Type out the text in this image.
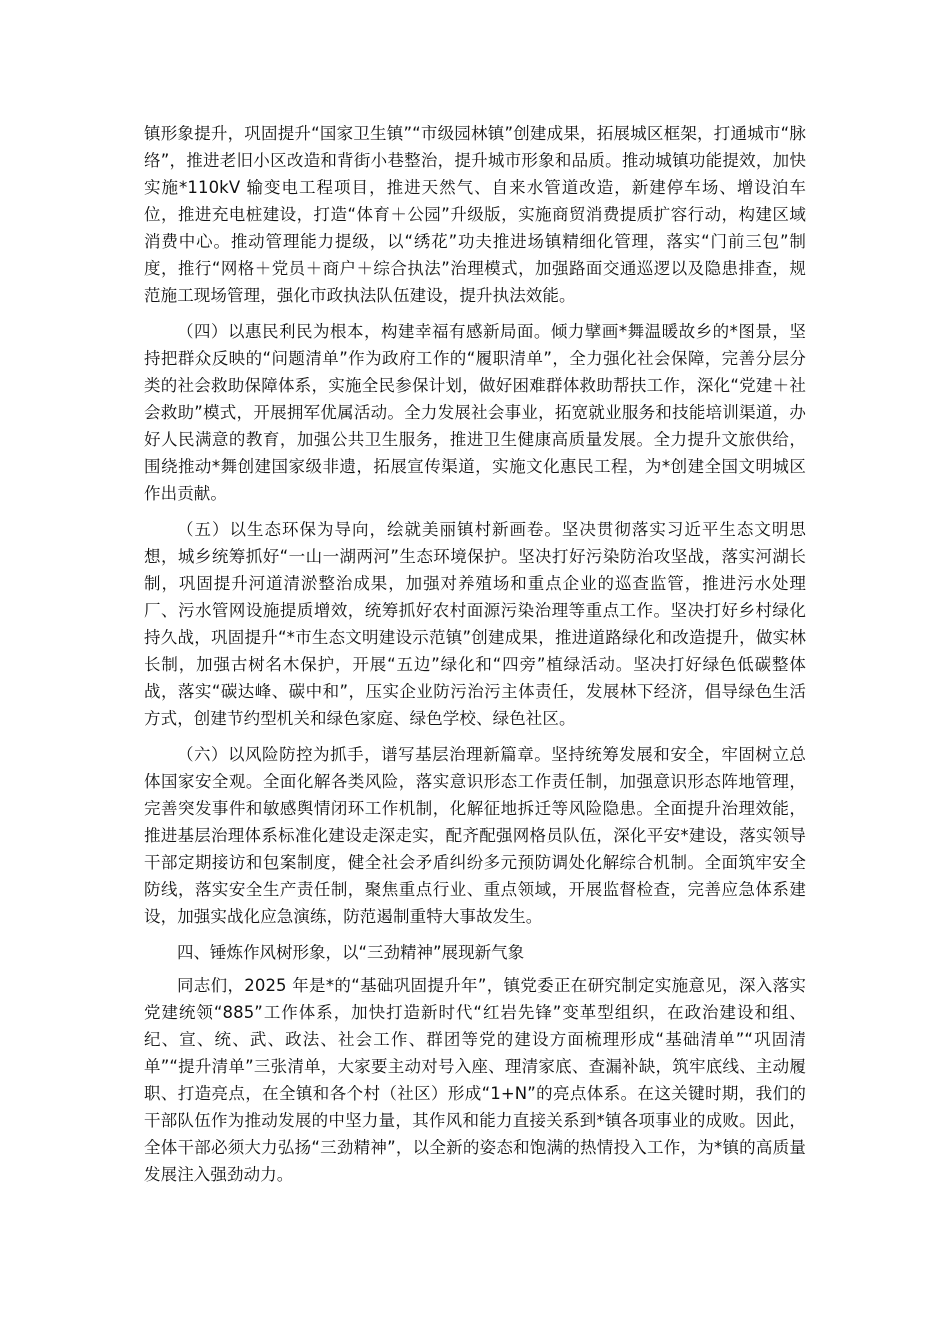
镇形象提升，巩固提升“国家卫生镇”“市级园林镇”创建成果，拓展城区框架，打通城市“脉络”，推进老旧小区改造和背街小巷整治，提升城市形象和品质。推动城镇功能提效，加快实施*110kV 输变电工程项目，推进天然气、自来水管道改造，新建停车场、增设泊车位，推进充电桩建设，打造“体育＋公园”升级版，实施商贸消费提质扩容行动，构建区域消费中心。推动管理能力提级，以“绣花”功夫推进场镇精细化管理，落实“门前三包”制度，推行“网格＋党员＋商户＋综合执法”治理模式，加强路面交通巡逻以及隐患排查，规范施工现场管理，强化市政执法队伍建设，提升执法效能。

（四）以惠民利民为根本，构建幸福有感新局面。倾力擘画*舞温暖故乡的*图景，坚持把群众反映的“问题清单”作为政府工作的“履职清单”，全力强化社会保障，完善分层分类的社会救助保障体系，实施全民参保计划，做好困难群体救助帮扶工作，深化“党建＋社会救助”模式，开展拥军优属活动。全力发展社会事业，拓宽就业服务和技能培训渠道，办好人民满意的教育，加强公共卫生服务，推进卫生健康高质量发展。全力提升文旅供给，围绕推动*舞创建国家级非遗，拓展宣传渠道，实施文化惠民工程，为*创建全国文明城区作出贡献。

（五）以生态环保为导向，绘就美丽镇村新画卷。坚决贯彻落实习近平生态文明思想，城乡统筹抓好“一山一湖两河”生态环境保护。坚决打好污染防治攻坚战，落实河湖长制，巩固提升河道清淤整治成果，加强对养殖场和重点企业的巡查监管，推进污水处理厂、污水管网设施提质增效，统筹抓好农村面源污染治理等重点工作。坚决打好乡村绿化持久战，巩固提升“*市生态文明建设示范镇”创建成果，推进道路绿化和改造提升，做实林长制，加强古树名木保护，开展“五边”绿化和“四旁”植绿活动。坚决打好绿色低碳整体战，落实“碳达峰、碳中和”，压实企业防污治污主体责任，发展林下经济，倡导绿色生活方式，创建节约型机关和绿色家庭、绿色学校、绿色社区。

（六）以风险防控为抓手，谱写基层治理新篇章。坚持统筹发展和安全，牢固树立总体国家安全观。全面化解各类风险，落实意识形态工作责任制，加强意识形态阵地管理，完善突发事件和敏感舆情闭环工作机制，化解征地拆迁等风险隐患。全面提升治理效能，推进基层治理体系标准化建设走深走实，配齐配强网格员队伍，深化平安*建设，落实领导干部定期接访和包案制度，健全社会矛盾纠纷多元预防调处化解综合机制。全面筑牢安全防线，落实安全生产责任制，聚焦重点行业、重点领域，开展监督检查，完善应急体系建设，加强实战化应急演练，防范遏制重特大事故发生。

四、锤炼作风树形象，以“三劲精神”展现新气象

同志们，2025 年是*的“基础巩固提升年”，镇党委正在研究制定实施意见，深入落实党建统领“885”工作体系，加快打造新时代“红岩先锋”变革型组织，在政治建设和组、纪、宣、统、武、政法、社会工作、群团等党的建设方面梳理形成“基础清单”“巩固清单”“提升清单”三张清单，大家要主动对号入座、理清家底、查漏补缺，筑牢底线、主动履职、打造亮点，在全镇和各个村（社区）形成“1+N”的亮点体系。在这关键时期，我们的干部队伍作为推动发展的中坚力量，其作风和能力直接关系到*镇各项事业的成败。因此，全体干部必须大力弘扬“三劲精神”，以全新的姿态和饱满的热情投入工作，为*镇的高质量发展注入强劲动力。
